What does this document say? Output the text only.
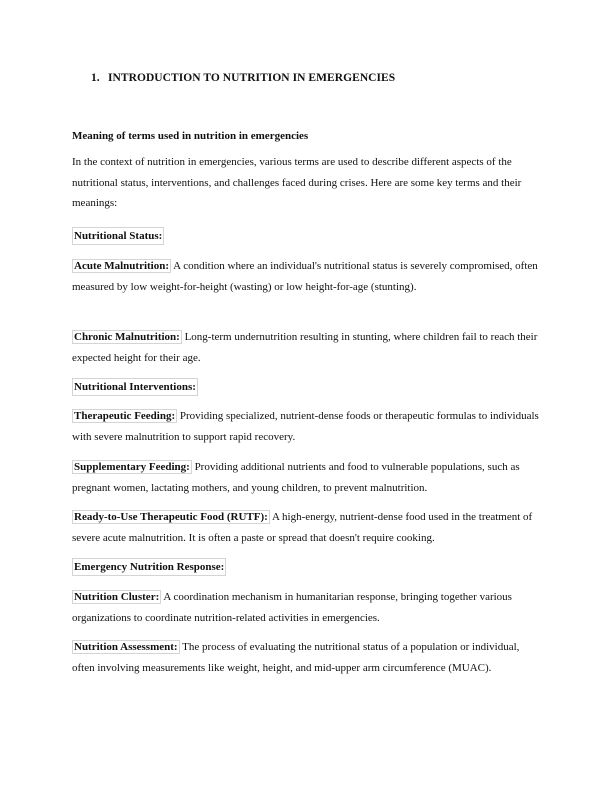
1. INTRODUCTION TO NUTRITION IN EMERGENCIES
Meaning of terms used in nutrition in emergencies

In the context of nutrition in emergencies, various terms are used to describe different aspects of the nutritional status, interventions, and challenges faced during crises. Here are some key terms and their meanings:

Nutritional Status:

Acute Malnutrition: A condition where an individual's nutritional status is severely compromised, often measured by low weight-for-height (wasting) or low height-for-age (stunting).

Chronic Malnutrition: Long-term undernutrition resulting in stunting, where children fail to reach their expected height for their age.

Nutritional Interventions:

Therapeutic Feeding: Providing specialized, nutrient-dense foods or therapeutic formulas to individuals with severe malnutrition to support rapid recovery.

Supplementary Feeding: Providing additional nutrients and food to vulnerable populations, such as pregnant women, lactating mothers, and young children, to prevent malnutrition.

Ready-to-Use Therapeutic Food (RUTF): A high-energy, nutrient-dense food used in the treatment of severe acute malnutrition. It is often a paste or spread that doesn't require cooking.

Emergency Nutrition Response:

Nutrition Cluster: A coordination mechanism in humanitarian response, bringing together various organizations to coordinate nutrition-related activities in emergencies.

Nutrition Assessment: The process of evaluating the nutritional status of a population or individual, often involving measurements like weight, height, and mid-upper arm circumference (MUAC).
